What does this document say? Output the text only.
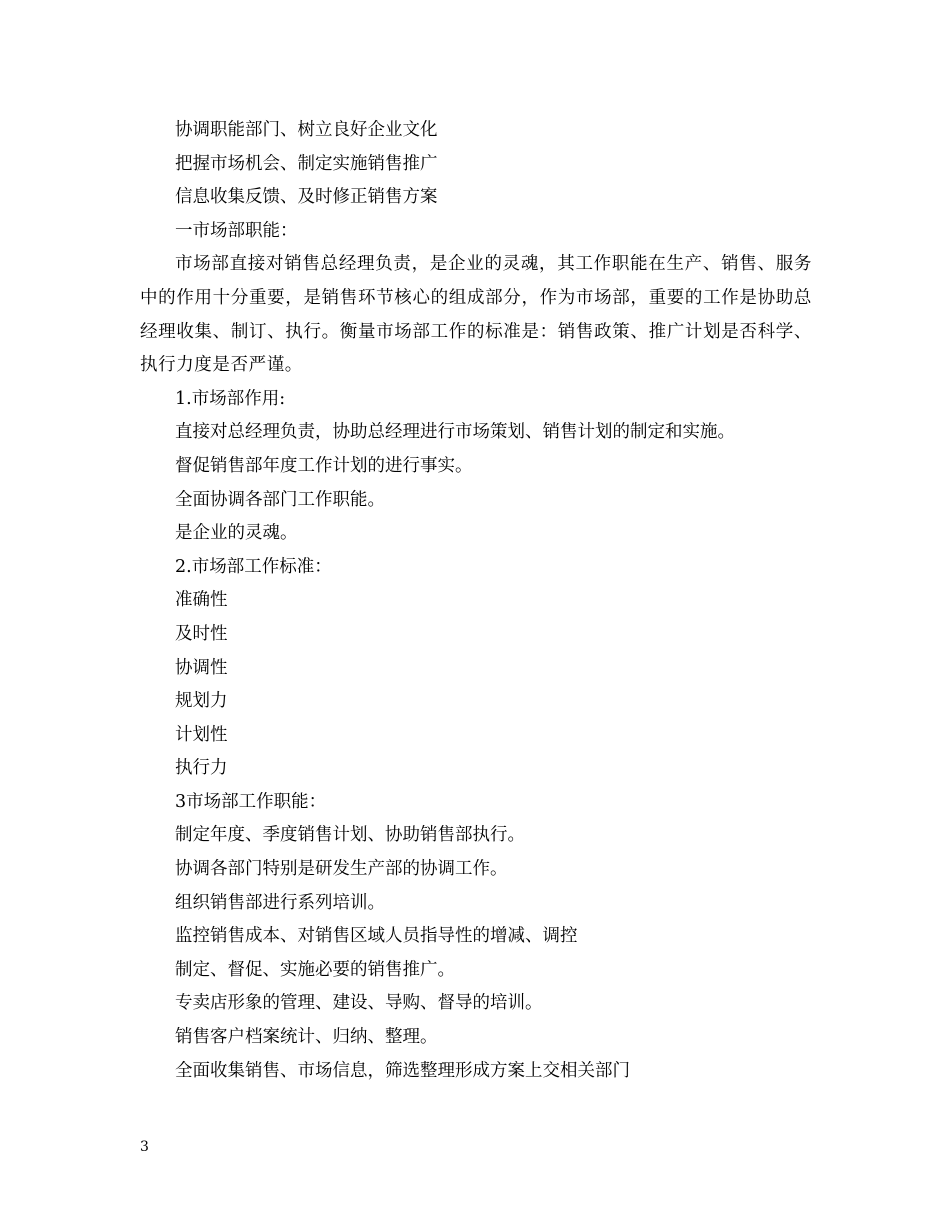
协调职能部门、树立良好企业文化

把握市场机会、制定实施销售推广

信息收集反馈、及时修正销售方案

一市场部职能：

市场部直接对销售总经理负责，是企业的灵魂，其工作职能在生产、销售、服务中的作用十分重要，是销售环节核心的组成部分，作为市场部，重要的工作是协助总经理收集、制订、执行。衡量市场部工作的标准是：销售政策、推广计划是否科学、执行力度是否严谨。

1.市场部作用:

直接对总经理负责，协助总经理进行市场策划、销售计划的制定和实施。

督促销售部年度工作计划的进行事实。

全面协调各部门工作职能。

是企业的灵魂。

2.市场部工作标准：

准确性

及时性

协调性

规划力

计划性

执行力

3市场部工作职能：

制定年度、季度销售计划、协助销售部执行。

协调各部门特别是研发生产部的协调工作。

组织销售部进行系列培训。

监控销售成本、对销售区域人员指导性的增减、调控

制定、督促、实施必要的销售推广。

专卖店形象的管理、建设、导购、督导的培训。

销售客户档案统计、归纳、整理。

全面收集销售、市场信息，筛选整理形成方案上交相关部门

3
